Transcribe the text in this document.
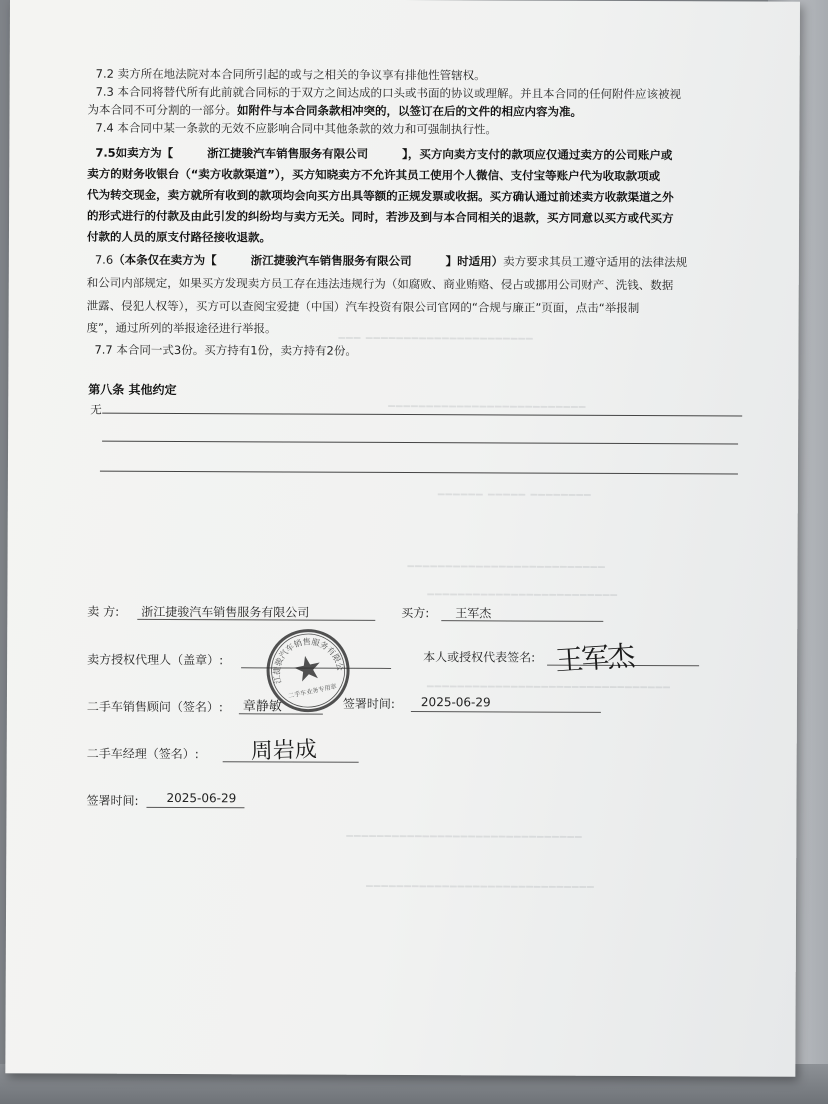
━━━ ━━━━━━━━━━━━━━━━━━━━━━
━━━━━━━━━━━━━━━━━━━━━━━━━━
━━━━━━ ━━━━━ ━━━━━━━━
━━━━━━━━━━━━━━━━━━━━━━━━━━
━━━━━━━━━━━━━━━━━━━━━━━━━
━━━━━━━━━━━━━━━━━━━━━━━━━━━━━━━━
━━━━━━━━━━━━━━━━━━━━━━━━━━━━━━━
━━━━━━━━━━━━━━━━━━━━━━━━━━━━━━
7.2 卖方所在地法院对本合同所引起的或与之相关的争议享有排他性管辖权。
7.3 本合同将替代所有此前就合同标的于双方之间达成的口头或书面的协议或理解。并且本合同的任何附件应该被视
为本合同不可分割的一部分。如附件与本合同条款相冲突的，以签订在后的文件的相应内容为准。
7.4 本合同中某一条款的无效不应影响合同中其他条款的效力和可强制执行性。
7.5如卖方为【	浙江捷骏汽车销售服务有限公司	】，买方向卖方支付的款项应仅通过卖方的公司账户或
卖方的财务收银台（“卖方收款渠道”），买方知晓卖方不允许其员工使用个人微信、支付宝等账户代为收取款项或
代为转交现金，卖方就所有收到的款项均会向买方出具等额的正规发票或收据。买方确认通过前述卖方收款渠道之外
的形式进行的付款及由此引发的纠纷均与卖方无关。同时，若涉及到与本合同相关的退款，买方同意以买方或代买方
付款的人员的原支付路径接收退款。
7.6（本条仅在卖方为【	浙江捷骏汽车销售服务有限公司	】时适用）卖方要求其员工遵守适用的法律法规
和公司内部规定，如果买方发现卖方员工存在违法违规行为（如腐败、商业贿赂、侵占或挪用公司财产、洗钱、数据
泄露、侵犯人权等），买方可以查阅宝爱捷（中国）汽车投资有限公司官网的“合规与廉正”页面，点击“举报制
度”，通过所列的举报途径进行举报。
7.7 本合同一式3份。买方持有1份，卖方持有2份。
第八条 其他约定
无
卖 方: 浙江捷骏汽车销售服务有限公司	买方: 王军杰
卖方授权代理人（盖章）:	本人或授权代表签名: 王军杰
二手车销售顾问（签名）: 章静敏	签署时间: 2025-06-29
二手车经理（签名）: 周岩成
签署时间: 2025-06-29
浙江捷骏汽车销售服务有限公司
二手车业务专用章
